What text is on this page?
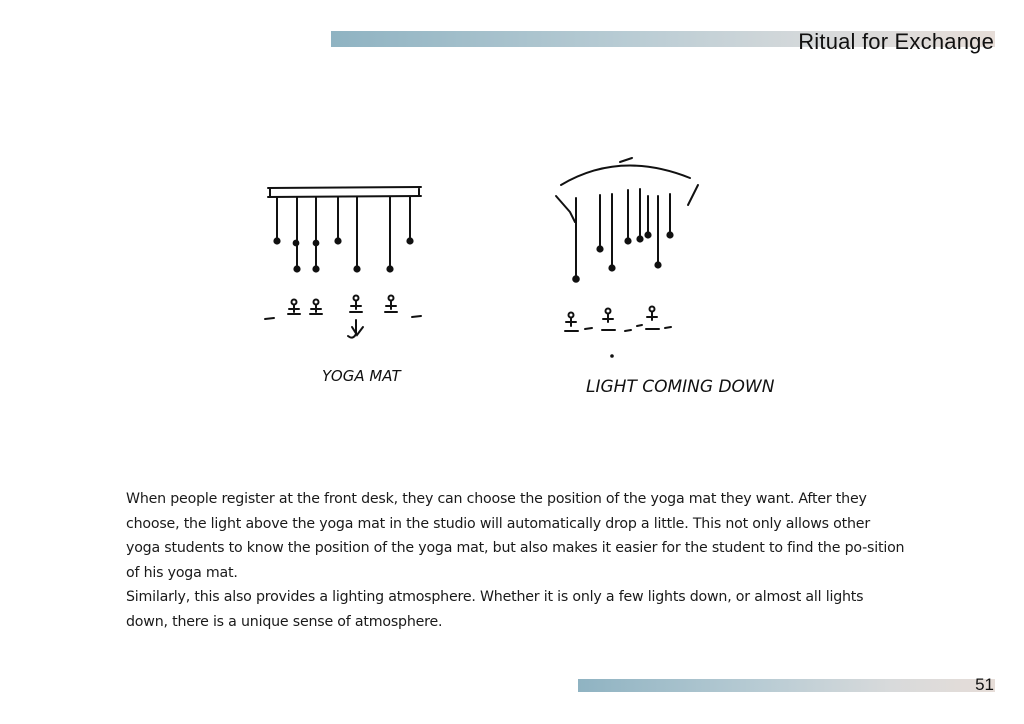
Ritual for Exchange
YOGA MAT
LIGHT COMING DOWN

When people register at the front desk, they can choose the position of the yoga mat they want. After they choose, the light above the yoga mat in the studio will automatically drop a little. This not only allows other yoga students to know the position of the yoga mat, but also makes it easier for the student to find the po-sition of his yoga mat.

Similarly, this also provides a lighting atmosphere. Whether it is only a few lights down, or almost all lights down, there is a unique sense of atmosphere.

51
